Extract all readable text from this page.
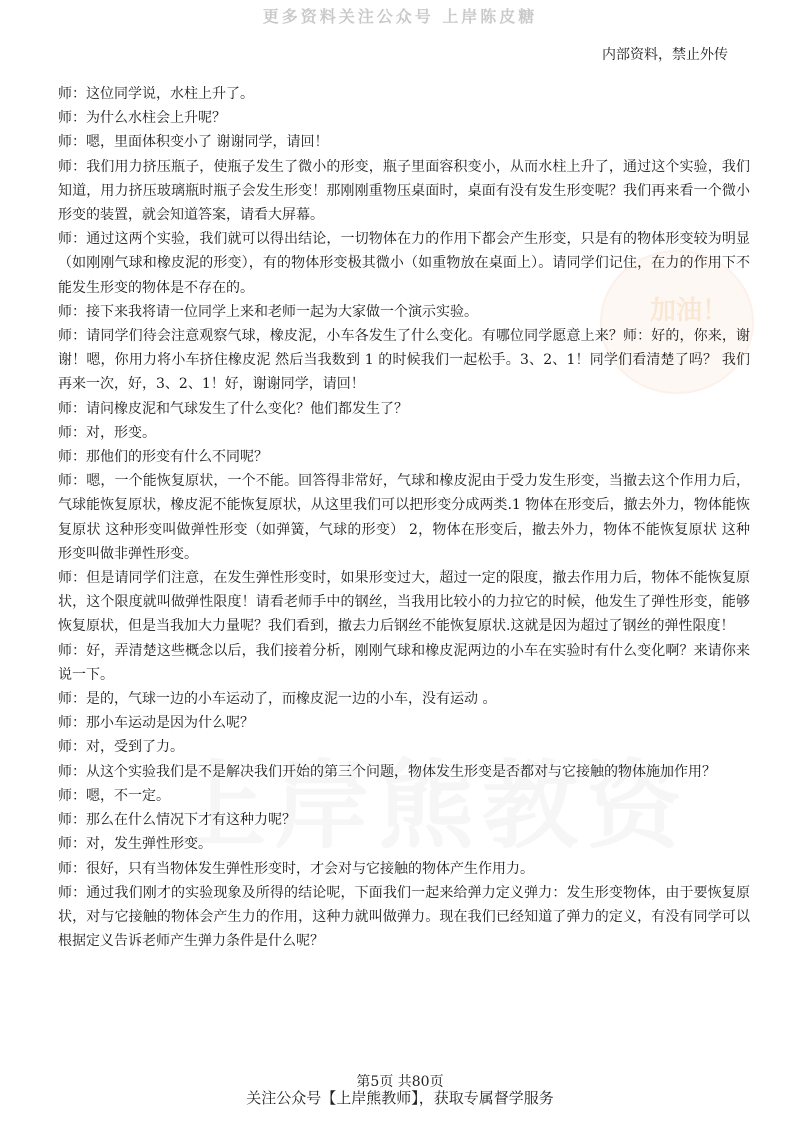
更多资料关注公众号 上岸陈皮糖
内部资料，禁止外传
加油！

师：这位同学说，水柱上升了。

师：为什么水柱会上升呢？

师：嗯，里面体积变小了 谢谢同学，请回！

师：我们用力挤压瓶子，使瓶子发生了微小的形变，瓶子里面容积变小，从而水柱上升了，通过这个实验，我们知道，用力挤压玻璃瓶时瓶子会发生形变！那刚刚重物压桌面时，桌面有没有发生形变呢？我们再来看一个微小形变的装置，就会知道答案，请看大屏幕。

师：通过这两个实验，我们就可以得出结论，一切物体在力的作用下都会产生形变，只是有的物体形变较为明显（如刚刚气球和橡皮泥的形变），有的物体形变极其微小（如重物放在桌面上）。请同学们记住，在力的作用下不能发生形变的物体是不存在的。

师：接下来我将请一位同学上来和老师一起为大家做一个演示实验。

师：请同学们待会注意观察气球，橡皮泥，小车各发生了什么变化。有哪位同学愿意上来？师：好的，你来，谢谢！嗯，你用力将小车挤住橡皮泥 然后当我数到 1 的时候我们一起松手。3、2、1！同学们看清楚了吗？ 我们再来一次，好，3、2、1！好，谢谢同学，请回！

师：请问橡皮泥和气球发生了什么变化？他们都发生了？

师：对，形变。

师：那他们的形变有什么不同呢？

师：嗯，一个能恢复原状，一个不能。回答得非常好，气球和橡皮泥由于受力发生形变，当撤去这个作用力后，气球能恢复原状，橡皮泥不能恢复原状，从这里我们可以把形变分成两类.1 物体在形变后，撤去外力，物体能恢复原状 这种形变叫做弹性形变（如弹簧，气球的形变） 2，物体在形变后，撤去外力，物体不能恢复原状 这种形变叫做非弹性形变。

师：但是请同学们注意，在发生弹性形变时，如果形变过大，超过一定的限度，撤去作用力后，物体不能恢复原状，这个限度就叫做弹性限度！请看老师手中的钢丝，当我用比较小的力拉它的时候，他发生了弹性形变，能够恢复原状，但是当我加大力量呢？我们看到，撤去力后钢丝不能恢复原状.这就是因为超过了钢丝的弹性限度！

师：好，弄清楚这些概念以后，我们接着分析，刚刚气球和橡皮泥两边的小车在实验时有什么变化啊？来请你来说一下。

师：是的，气球一边的小车运动了，而橡皮泥一边的小车，没有运动 。

师：那小车运动是因为什么呢？

师：对，受到了力。

师：从这个实验我们是不是解决我们开始的第三个问题，物体发生形变是否都对与它接触的物体施加作用？

师：嗯，不一定。

师：那么在什么情况下才有这种力呢？

师：对，发生弹性形变。

师：很好，只有当物体发生弹性形变时，才会对与它接触的物体产生作用力。

师：通过我们刚才的实验现象及所得的结论呢，下面我们一起来给弹力定义弹力：发生形变物体，由于要恢复原状，对与它接触的物体会产生力的作用，这种力就叫做弹力。现在我们已经知道了弹力的定义，有没有同学可以根据定义告诉老师产生弹力条件是什么呢？

第5页 共80页
关注公众号【上岸熊教师】，获取专属督学服务
